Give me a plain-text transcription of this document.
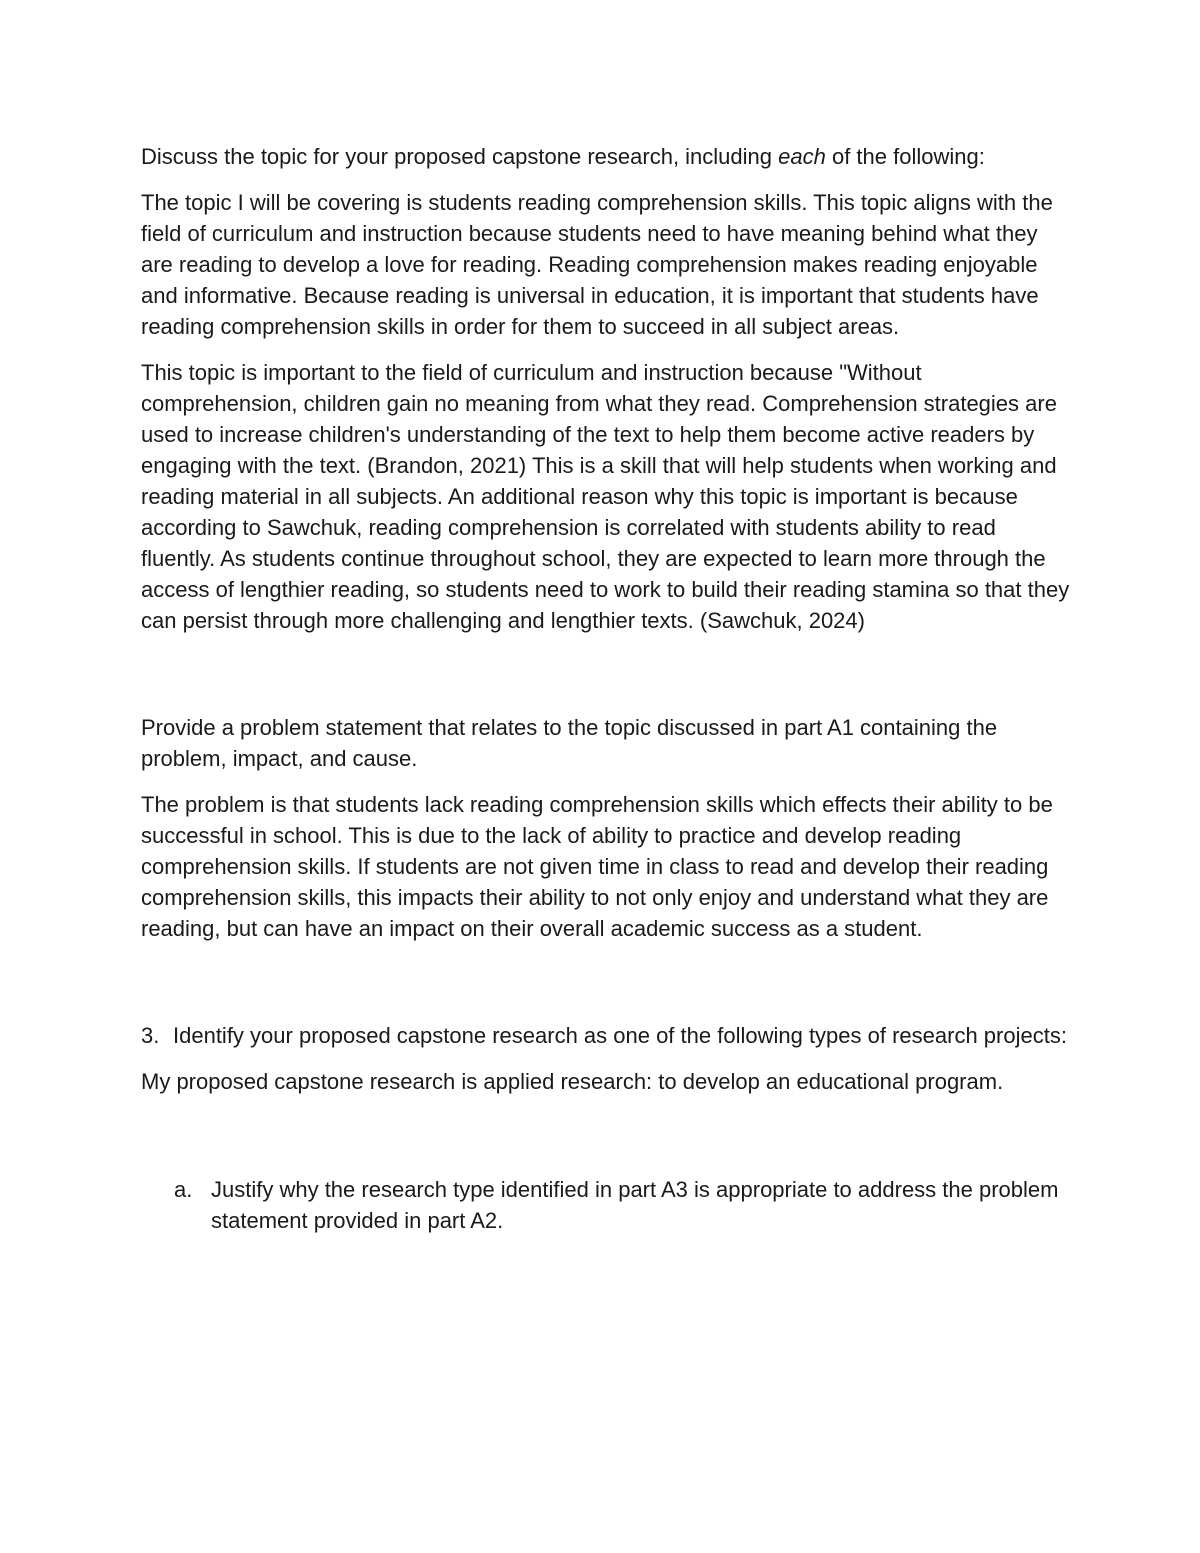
Discuss the topic for your proposed capstone research, including each of the following:

The topic I will be covering is students reading comprehension skills. This topic aligns with the field of curriculum and instruction because students need to have meaning behind what they are reading to develop a love for reading. Reading comprehension makes reading enjoyable and informative. Because reading is universal in education, it is important that students have reading comprehension skills in order for them to succeed in all subject areas.

This topic is important to the field of curriculum and instruction because "Without comprehension, children gain no meaning from what they read. Comprehension strategies are used to increase children's understanding of the text to help them become active readers by engaging with the text. (Brandon, 2021) This is a skill that will help students when working and reading material in all subjects. An additional reason why this topic is important is because according to Sawchuk, reading comprehension is correlated with students ability to read fluently. As students continue throughout school, they are expected to learn more through the access of lengthier reading, so students need to work to build their reading stamina so that they can persist through more challenging and lengthier texts. (Sawchuk, 2024)

Provide a problem statement that relates to the topic discussed in part A1 containing the problem, impact, and cause.

The problem is that students lack reading comprehension skills which effects their ability to be successful in school. This is due to the lack of ability to practice and develop reading comprehension skills. If students are not given time in class to read and develop their reading comprehension skills, this impacts their ability to not only enjoy and understand what they are reading, but can have an impact on their overall academic success as a student.

3. Identify your proposed capstone research as one of the following types of research projects:

My proposed capstone research is applied research: to develop an educational program.

a. Justify why the research type identified in part A3 is appropriate to address the problem statement provided in part A2.
